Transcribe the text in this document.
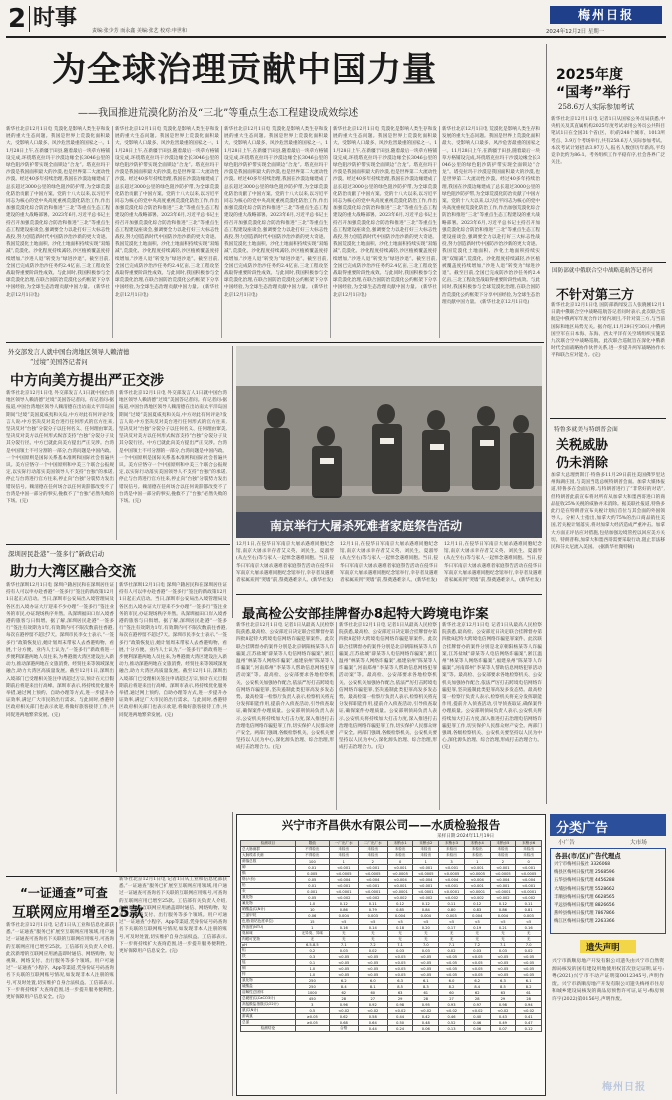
2 时事	责编:张少芳 而永鑫 美编:张艺 校对:申世和
梅州日报
2024年12月2日 星期一
为全球治理贡献中国力量
——我国推进荒漠化防治及“三北”等重点生态工程建设成效综述
新华社北京12月1日电 荒漠化是影响人类生存和发展的重大生态问题。我国是世界上荒漠化面积最大、受影响人口最多、风沙危害最重的国家之一。11月28日上午,在新疆于田县,随着最后一块草方格铺设完成,环绕塔克拉玛干沙漠边缘全长3046公里的绿色阻沙防护带实现全面锁边“合龙”。塔克拉玛干沙漠是我国面积最大的沙漠,也是世界第二大流动性沙漠。经过40多年持续治理,我国在沙漠边缘建成了总长超过3000公里的绿色阻沙防护带,为全球荒漠化防治贡献了中国方案。党的十八大以来,以习近平同志为核心的党中央高度重视荒漠化防治工作,作出加强荒漠化综合防治和推进“三北”等重点生态工程建设的重大战略部署。2023年6月,习近平总书记主持召开加强荒漠化综合防治和推进“三北”等重点生态工程建设座谈会,强调要全力以赴打好三大标志性战役,努力创造新时代中国防沙治沙新的更大奇迹。我国荒漠化土地面积、沙化土地面积持续实现“双缩减”,荒漠化、沙化程度持续减轻,沙区植被覆盖度持续增加,“沙进人退”转变为“绿进沙退”。截至目前,全国已完成防沙治沙任务约2.4亿亩,三北工程攻坚战取得重要阶段性成效。与此同时,我国积极参与全球荒漠化治理,在联合国防治荒漠化公约框架下分享中国经验,为全球生态治理贡献中国力量。 (新华社北京12月1日电)
新华社北京12月1日电 荒漠化是影响人类生存和发展的重大生态问题。我国是世界上荒漠化面积最大、受影响人口最多、风沙危害最重的国家之一。11月28日上午,在新疆于田县,随着最后一块草方格铺设完成,环绕塔克拉玛干沙漠边缘全长3046公里的绿色阻沙防护带实现全面锁边“合龙”。塔克拉玛干沙漠是我国面积最大的沙漠,也是世界第二大流动性沙漠。经过40多年持续治理,我国在沙漠边缘建成了总长超过3000公里的绿色阻沙防护带,为全球荒漠化防治贡献了中国方案。党的十八大以来,以习近平同志为核心的党中央高度重视荒漠化防治工作,作出加强荒漠化综合防治和推进“三北”等重点生态工程建设的重大战略部署。2023年6月,习近平总书记主持召开加强荒漠化综合防治和推进“三北”等重点生态工程建设座谈会,强调要全力以赴打好三大标志性战役,努力创造新时代中国防沙治沙新的更大奇迹。我国荒漠化土地面积、沙化土地面积持续实现“双缩减”,荒漠化、沙化程度持续减轻,沙区植被覆盖度持续增加,“沙进人退”转变为“绿进沙退”。截至目前,全国已完成防沙治沙任务约2.4亿亩,三北工程攻坚战取得重要阶段性成效。与此同时,我国积极参与全球荒漠化治理,在联合国防治荒漠化公约框架下分享中国经验,为全球生态治理贡献中国力量。 (新华社北京12月1日电)
新华社北京12月1日电 荒漠化是影响人类生存和发展的重大生态问题。我国是世界上荒漠化面积最大、受影响人口最多、风沙危害最重的国家之一。11月28日上午,在新疆于田县,随着最后一块草方格铺设完成,环绕塔克拉玛干沙漠边缘全长3046公里的绿色阻沙防护带实现全面锁边“合龙”。塔克拉玛干沙漠是我国面积最大的沙漠,也是世界第二大流动性沙漠。经过40多年持续治理,我国在沙漠边缘建成了总长超过3000公里的绿色阻沙防护带,为全球荒漠化防治贡献了中国方案。党的十八大以来,以习近平同志为核心的党中央高度重视荒漠化防治工作,作出加强荒漠化综合防治和推进“三北”等重点生态工程建设的重大战略部署。2023年6月,习近平总书记主持召开加强荒漠化综合防治和推进“三北”等重点生态工程建设座谈会,强调要全力以赴打好三大标志性战役,努力创造新时代中国防沙治沙新的更大奇迹。我国荒漠化土地面积、沙化土地面积持续实现“双缩减”,荒漠化、沙化程度持续减轻,沙区植被覆盖度持续增加,“沙进人退”转变为“绿进沙退”。截至目前,全国已完成防沙治沙任务约2.4亿亩,三北工程攻坚战取得重要阶段性成效。与此同时,我国积极参与全球荒漠化治理,在联合国防治荒漠化公约框架下分享中国经验,为全球生态治理贡献中国力量。 (新华社北京12月1日电)
新华社北京12月1日电 荒漠化是影响人类生存和发展的重大生态问题。我国是世界上荒漠化面积最大、受影响人口最多、风沙危害最重的国家之一。11月28日上午,在新疆于田县,随着最后一块草方格铺设完成,环绕塔克拉玛干沙漠边缘全长3046公里的绿色阻沙防护带实现全面锁边“合龙”。塔克拉玛干沙漠是我国面积最大的沙漠,也是世界第二大流动性沙漠。经过40多年持续治理,我国在沙漠边缘建成了总长超过3000公里的绿色阻沙防护带,为全球荒漠化防治贡献了中国方案。党的十八大以来,以习近平同志为核心的党中央高度重视荒漠化防治工作,作出加强荒漠化综合防治和推进“三北”等重点生态工程建设的重大战略部署。2023年6月,习近平总书记主持召开加强荒漠化综合防治和推进“三北”等重点生态工程建设座谈会,强调要全力以赴打好三大标志性战役,努力创造新时代中国防沙治沙新的更大奇迹。我国荒漠化土地面积、沙化土地面积持续实现“双缩减”,荒漠化、沙化程度持续减轻,沙区植被覆盖度持续增加,“沙进人退”转变为“绿进沙退”。截至目前,全国已完成防沙治沙任务约2.4亿亩,三北工程攻坚战取得重要阶段性成效。与此同时,我国积极参与全球荒漠化治理,在联合国防治荒漠化公约框架下分享中国经验,为全球生态治理贡献中国力量。 (新华社北京12月1日电)
新华社北京12月1日电 荒漠化是影响人类生存和发展的重大生态问题。我国是世界上荒漠化面积最大、受影响人口最多、风沙危害最重的国家之一。11月28日上午,在新疆于田县,随着最后一块草方格铺设完成,环绕塔克拉玛干沙漠边缘全长3046公里的绿色阻沙防护带实现全面锁边“合龙”。塔克拉玛干沙漠是我国面积最大的沙漠,也是世界第二大流动性沙漠。经过40多年持续治理,我国在沙漠边缘建成了总长超过3000公里的绿色阻沙防护带,为全球荒漠化防治贡献了中国方案。党的十八大以来,以习近平同志为核心的党中央高度重视荒漠化防治工作,作出加强荒漠化综合防治和推进“三北”等重点生态工程建设的重大战略部署。2023年6月,习近平总书记主持召开加强荒漠化综合防治和推进“三北”等重点生态工程建设座谈会,强调要全力以赴打好三大标志性战役,努力创造新时代中国防沙治沙新的更大奇迹。我国荒漠化土地面积、沙化土地面积持续实现“双缩减”,荒漠化、沙化程度持续减轻,沙区植被覆盖度持续增加,“沙进人退”转变为“绿进沙退”。截至目前,全国已完成防沙治沙任务约2.4亿亩,三北工程攻坚战取得重要阶段性成效。与此同时,我国积极参与全球荒漠化治理,在联合国防治荒漠化公约框架下分享中国经验,为全球生态治理贡献中国力量。 (新华社北京12月1日电)
2025年度
“国考”举行
258.6万人实际参加考试
新华社北京12月1日电 记者1日从国家公务员局获悉,中央机关及其直属机构2025年度考试录用公务员公共科目笔试1日在全国31个省(区、市)的248个城市、1013所考点、3.9万个考场举行,共有258.6万人实际参加考试。本次考试计划招录3.97万人,报名人数创历年新高,平均竞争比约为86:1。考务组织工作平稳有序,社会各界广泛关注。
国防部就中俄联合空中战略巡航答记者问
不针对第三方
新华社北京12月1日电 国防部新闻发言人张晓刚12月1日就中俄联合空中战略巡航答记者问时表示,此次联合巡航是中俄两军年度合作计划内项目,不针对第三方,与当前国际和地区局势无关。据介绍,11月29日至30日,中俄两国空军在日本海、东海、西太平洋有关空域组织实施第九次联合空中战略巡航。此次联合巡航旨在深化中俄新时代全面战略协作伙伴关系,进一步提升两军战略协作水平和联合应对能力。(完)
特鲁多就美与特朗普会面
关税威胁
仍未消除
加拿大总理贾斯汀·特鲁多11月29日前往美国佛罗里达州海湖庄园,与美国当选总统特朗普会面。加拿大媒体报道,特鲁多在会面后称,与特朗普进行了“非常好的对话”,但特朗普此前宣布将对所有从加拿大和墨西哥进口的商品征收25%关税的威胁并未消除。据美联社报道,特鲁多此行是在特朗普宣布关税计划后首位与其会面的外国领导人。分析人士指出,加拿大约75%的出口商品销往美国,若关税计划落实,将对加拿大经济造成严重冲击。加拿大方面正评估应对措施,包括加强边境管控以回应美方关切。特朗普称,加拿大和墨西哥需要采取行动,阻止非法移民和芬太尼流入美国。 (据新华社微特稿)
外交部发言人就中国台湾地区领导人赖清德
“过境”美国答记者问
中方向美方提出严正交涉
新华社北京12月1日电 外交部发言人1日就中国台湾地区领导人赖清德“过境”美国答记者问。有记者问:据报道,中国台湾地区领导人赖清德在出访南太平洋岛国期间“过境”美国夏威夷和关岛,中方对此有何评论?发言人说:中方坚决反对美台进行任何形式的官方往来,坚决反对“台独”分裂分子以任何名义、任何理由窜美,坚决反对美方以任何形式纵容支持“台独”分裂分子及其分裂行径。中方已就此向美方提出严正交涉。台湾是中国领土不可分割的一部分,台湾问题是中国内政。一个中国原则是国际关系基本准则和国际社会普遍共识。美方应恪守一个中国原则和中美三个联合公报规定,以实际行动落实美国领导人不支持“台独”的承诺,停止与台湾进行官方往来,停止向“台独”分裂势力发出错误信号。赖清德在任何场合以任何说辞都改变不了台湾是中国一部分的事实,挽救不了“台独”必然失败的下场。(完)
新华社北京12月1日电 外交部发言人1日就中国台湾地区领导人赖清德“过境”美国答记者问。有记者问:据报道,中国台湾地区领导人赖清德在出访南太平洋岛国期间“过境”美国夏威夷和关岛,中方对此有何评论?发言人说:中方坚决反对美台进行任何形式的官方往来,坚决反对“台独”分裂分子以任何名义、任何理由窜美,坚决反对美方以任何形式纵容支持“台独”分裂分子及其分裂行径。中方已就此向美方提出严正交涉。台湾是中国领土不可分割的一部分,台湾问题是中国内政。一个中国原则是国际关系基本准则和国际社会普遍共识。美方应恪守一个中国原则和中美三个联合公报规定,以实际行动落实美国领导人不支持“台独”的承诺,停止与台湾进行官方往来,停止向“台独”分裂势力发出错误信号。赖清德在任何场合以任何说辞都改变不了台湾是中国一部分的事实,挽救不了“台独”必然失败的下场。(完)
深圳居民赴港“一签多行”新政启动
助力大湾区融合交流
新华社深圳12月1日电 深圳户籍居民和在深圳居住证持有人可以申办赴香港“一签多行”签注的新政策12月1日起正式启动。当日,深圳市公安局出入境管理局及各区出入境办证大厅迎来不少办理“一签多行”签注业务的市民,办证现场秩序井然。从深圳福田口岸入境香港的旅客与日俱增。据了解,深圳居民赴港“一签多行”签注有效期为1年,有效期内可不限次数前往香港,每次在港停留不超过7天。深圳市民李女士表示,“一签多行”政策恢复后,她计划周末带家人去香港购物、看展,十分方便。业内人士认为,“一签多行”新政将进一步便利深港两地人员往来,为粤港澳大湾区建设注入新动力,推动深港两地在文旅消费、经贸往来等领域深度融合,助力大湾区高质量发展。截至12月1日,深圳出入境部门已受理相关签注申请超过万宗,预计在元旦假期前后将迎来出行高峰。深圳市表示,将持续优化服务举措,通过网上预约、自助办理等方式,进一步提升办证效率,满足广大市民的出行需求。与此同时,香港特区政府相关部门也表示欢迎,将做好旅客接待工作,共同促进两地繁荣发展。(完)
新华社深圳12月1日电 深圳户籍居民和在深圳居住证持有人可以申办赴香港“一签多行”签注的新政策12月1日起正式启动。当日,深圳市公安局出入境管理局及各区出入境办证大厅迎来不少办理“一签多行”签注业务的市民,办证现场秩序井然。从深圳福田口岸入境香港的旅客与日俱增。据了解,深圳居民赴港“一签多行”签注有效期为1年,有效期内可不限次数前往香港,每次在港停留不超过7天。深圳市民李女士表示,“一签多行”政策恢复后,她计划周末带家人去香港购物、看展,十分方便。业内人士认为,“一签多行”新政将进一步便利深港两地人员往来,为粤港澳大湾区建设注入新动力,推动深港两地在文旅消费、经贸往来等领域深度融合,助力大湾区高质量发展。截至12月1日,深圳出入境部门已受理相关签注申请超过万宗,预计在元旦假期前后将迎来出行高峰。深圳市表示,将持续优化服务举措,通过网上预约、自助办理等方式,进一步提升办证效率,满足广大市民的出行需求。与此同时,香港特区政府相关部门也表示欢迎,将做好旅客接待工作,共同促进两地繁荣发展。(完)
南京举行大屠杀死难者家庭祭告活动
12月1日,在侵华日军南京大屠杀遇难同胞纪念馆,南京大屠杀幸存者艾义英、刘民生、夏淑琴(从左至右)等与家人一起悼念遇难同胞。当日,侵华日军南京大屠杀遇难者家庭祭告活动在侵华日军南京大屠杀遇难同胞纪念馆举行,幸存者及遇难者家属来到“哭墙”前,祭奠遇难亲人。(新华社发)
12月1日,在侵华日军南京大屠杀遇难同胞纪念馆,南京大屠杀幸存者艾义英、刘民生、夏淑琴(从左至右)等与家人一起悼念遇难同胞。当日,侵华日军南京大屠杀遇难者家庭祭告活动在侵华日军南京大屠杀遇难同胞纪念馆举行,幸存者及遇难者家属来到“哭墙”前,祭奠遇难亲人。(新华社发)
12月1日,在侵华日军南京大屠杀遇难同胞纪念馆,南京大屠杀幸存者艾义英、刘民生、夏淑琴(从左至右)等与家人一起悼念遇难同胞。当日,侵华日军南京大屠杀遇难者家庭祭告活动在侵华日军南京大屠杀遇难同胞纪念馆举行,幸存者及遇难者家属来到“哭墙”前,祭奠遇难亲人。(新华社发)
最高检公安部挂牌督办8起特大跨境电诈案
新华社北京12月1日电 记者1日从最高人民检察院获悉,最高检、公安部近日决定联合挂牌督办第四批8起特大跨境电信网络诈骗犯罪案件。此次联合挂牌督办的案件分别是北京朝阳杨某等人诈骗案,江苏盐城“薛某等人电信网络诈骗案”,浙江温州“林某等人网络诈骗案”,福建泉州“陈某等人诈骗案”,河南郑州“李某等人帮助信息网络犯罪活动案”等。最高检、公安部要求各地检察机关、公安机关加强协作配合,依法严厉打击跨境电信网络诈骗犯罪,坚决遏制此类犯罪高发多发态势。最高检第一检察厅负责人表示,检察机关将充分发挥职能作用,提前介入侦查活动,引导侦查取证,确保案件办理质量。公安部刑侦局负责人表示,公安机关将持续加大打击力度,深入推进打击治理电信网络诈骗犯罪工作,切实保护人民群众财产安全。两部门强调,各级检察机关、公安机关要坚持以人民为中心,深化源头治理、综合治理,形成打击治理合力。(完)
新华社北京12月1日电 记者1日从最高人民检察院获悉,最高检、公安部近日决定联合挂牌督办第四批8起特大跨境电信网络诈骗犯罪案件。此次联合挂牌督办的案件分别是北京朝阳杨某等人诈骗案,江苏盐城“薛某等人电信网络诈骗案”,浙江温州“林某等人网络诈骗案”,福建泉州“陈某等人诈骗案”,河南郑州“李某等人帮助信息网络犯罪活动案”等。最高检、公安部要求各地检察机关、公安机关加强协作配合,依法严厉打击跨境电信网络诈骗犯罪,坚决遏制此类犯罪高发多发态势。最高检第一检察厅负责人表示,检察机关将充分发挥职能作用,提前介入侦查活动,引导侦查取证,确保案件办理质量。公安部刑侦局负责人表示,公安机关将持续加大打击力度,深入推进打击治理电信网络诈骗犯罪工作,切实保护人民群众财产安全。两部门强调,各级检察机关、公安机关要坚持以人民为中心,深化源头治理、综合治理,形成打击治理合力。(完)
新华社北京12月1日电 记者1日从最高人民检察院获悉,最高检、公安部近日决定联合挂牌督办第四批8起特大跨境电信网络诈骗犯罪案件。此次联合挂牌督办的案件分别是北京朝阳杨某等人诈骗案,江苏盐城“薛某等人电信网络诈骗案”,浙江温州“林某等人网络诈骗案”,福建泉州“陈某等人诈骗案”,河南郑州“李某等人帮助信息网络犯罪活动案”等。最高检、公安部要求各地检察机关、公安机关加强协作配合,依法严厉打击跨境电信网络诈骗犯罪,坚决遏制此类犯罪高发多发态势。最高检第一检察厅负责人表示,检察机关将充分发挥职能作用,提前介入侦查活动,引导侦查取证,确保案件办理质量。公安部刑侦局负责人表示,公安机关将持续加大打击力度,深入推进打击治理电信网络诈骗犯罪工作,切实保护人民群众财产安全。两部门强调,各级检察机关、公安机关要坚持以人民为中心,深化源头治理、综合治理,形成打击治理合力。(完)
“一证通查”可查
互联网应用增至25款
新华社北京12月1日电 记者1日从工业和信息化部获悉,“一证通查”服务已扩展至互联网应用领域,用户通过一证通查可查询名下关联的互联网应用账号,可查询的互联网应用已增至25款。工信部有关负责人介绍,此次新增的互联网应用涵盖即时通信、网络购物、短视频、网络支付、出行服务等多个领域。用户可通过“一证通查”小程序、App等渠道,凭身份证号码查询名下关联的互联网账号情况,如发现非本人注册的账号,可及时处置,切实维护自身合法权益。工信部表示,下一步将持续扩大查询范围,进一步提升服务便利性,更好保障用户信息安全。(完)
新华社北京12月1日电 记者1日从工业和信息化部获悉,“一证通查”服务已扩展至互联网应用领域,用户通过一证通查可查询名下关联的互联网应用账号,可查询的互联网应用已增至25款。工信部有关负责人介绍,此次新增的互联网应用涵盖即时通信、网络购物、短视频、网络支付、出行服务等多个领域。用户可通过“一证通查”小程序、App等渠道,凭身份证号码查询名下关联的互联网账号情况,如发现非本人注册的账号,可及时处置,切实维护自身合法权益。工信部表示,下一步将持续扩大查询范围,进一步提升服务便利性,更好保障用户信息安全。(完)
兴宁市齐昌供水有限公司——水质检验报告
采样日期:2024年11月19日
检测项目	限值	一厂出厂水	二厂出厂水	末梢水1	末梢水2	末梢水3	末梢水4	末梢水5	末梢水6
总大肠菌群	不得检出	未检出	未检出	未检出	未检出	未检出	未检出	未检出	未检出
大肠埃希氏菌	不得检出	未检出	未检出	未检出	未检出	未检出	未检出	未检出	未检出
菌落总数	100	1	2	0	1	3	1	2	0
砷	0.01	<0.001	<0.001	<0.001	<0.001	<0.001	<0.001	<0.001	<0.001
镉	0.005	<0.0005	<0.0005	<0.0005	<0.0005	<0.0005	<0.0005	<0.0005	<0.0005
铬(六价)	0.05	<0.004	<0.004	<0.004	<0.004	<0.004	<0.004	<0.004	<0.004
铅	0.01	<0.001	<0.001	<0.001	<0.001	<0.001	<0.001	<0.001	<0.001
汞	0.001	<0.0001	<0.0001	<0.0001	<0.0001	<0.0001	<0.0001	<0.0001	<0.0001
氰化物	0.05	<0.002	<0.002	<0.002	<0.002	<0.002	<0.002	<0.002	<0.002
氟化物	1.0	0.12	0.11	0.12	0.12	0.11	0.12	0.12	0.11
硝酸盐(以N计)	10	0.86	0.79	0.85	0.84	0.80	0.83	0.86	0.81
三氯甲烷	0.06	0.004	0.003	0.004	0.004	0.003	0.004	0.004	0.003
色度(铂钴色度单位)	15	<5	<5	<5	<5	<5	<5	<5	<5
浑浊度(NTU)	1	0.16	0.14	0.18	0.20	0.17	0.19	0.21	0.16
臭和味	无异臭、异味	无	无	无	无	无	无	无	无
肉眼可见物	无	无	无	无	无	无	无	无	无
pH	6.5-8.5	7.1	7.2	7.1	7.0	7.1	7.2	7.1	7.0
铝	0.2	0.03	0.02	0.03	0.03	0.02	0.03	0.03	0.02
铁	0.3	<0.05	<0.05	<0.05	<0.05	<0.05	<0.05	<0.05	<0.05
锰	0.1	<0.05	<0.05	<0.05	<0.05	<0.05	<0.05	<0.05	<0.05
铜	1.0	<0.05	<0.05	<0.05	<0.05	<0.05	<0.05	<0.05	<0.05
锌	1.0	<0.05	<0.05	<0.05	<0.05	<0.05	<0.05	<0.05	<0.05
氯化物	250	6.2	6.0	6.3	6.1	6.0	6.2	6.3	6.1
硫酸盐	250	8.4	8.1	8.5	8.3	8.2	8.4	8.5	8.2
溶解性总固体	1000	62	60	63	61	60	62	63	61
总硬度(以CaCO3计)	450	28	27	29	28	27	28	29	28
高锰酸盐指数(以O2计)	3	0.96	0.92	0.98	0.95	0.93	0.97	0.98	0.94
氨(以N计)	0.5	<0.02	<0.02	<0.02	<0.02	<0.02	<0.02	<0.02	<0.02
游离氯	≥0.05	0.62	0.58	0.44	0.42	0.46	0.40	0.43	0.41
总氯	≥0.05	0.68	0.64	0.50	0.48	0.52	0.46	0.49	0.47
检测结论		合格	0.44	0.24	0.06	0.13	0.06	0.07	0.12
分类广告
小广告	大市场
各县(市/区)广告代理点
兴宁市梅州日报社 3326068
梅县区梅州日报代理 2568596
五华县梅州日报代理 4456288
大埔县梅州日报代理 5528662
丰顺县梅州日报代理 6628565
平远县梅州日报代理 8826656
蕉岭县梅州日报代理 7867866
梅江区梅州日报代理 2263366
遗失声明
兴宁市新顺房地产开发有限公司遗失由兴宁市自然资源局核发的国有建设用地使用权首次登记证明,证号:粤(2021)兴宁市不动产证明第0012345号,声明作废。兴宁市新顺房地产开发有限公司遗失梅州市住房和城乡建设局核发的商品房预售许可证,证号:梅房预许字(2022)第0156号,声明作废。
梅州日报
